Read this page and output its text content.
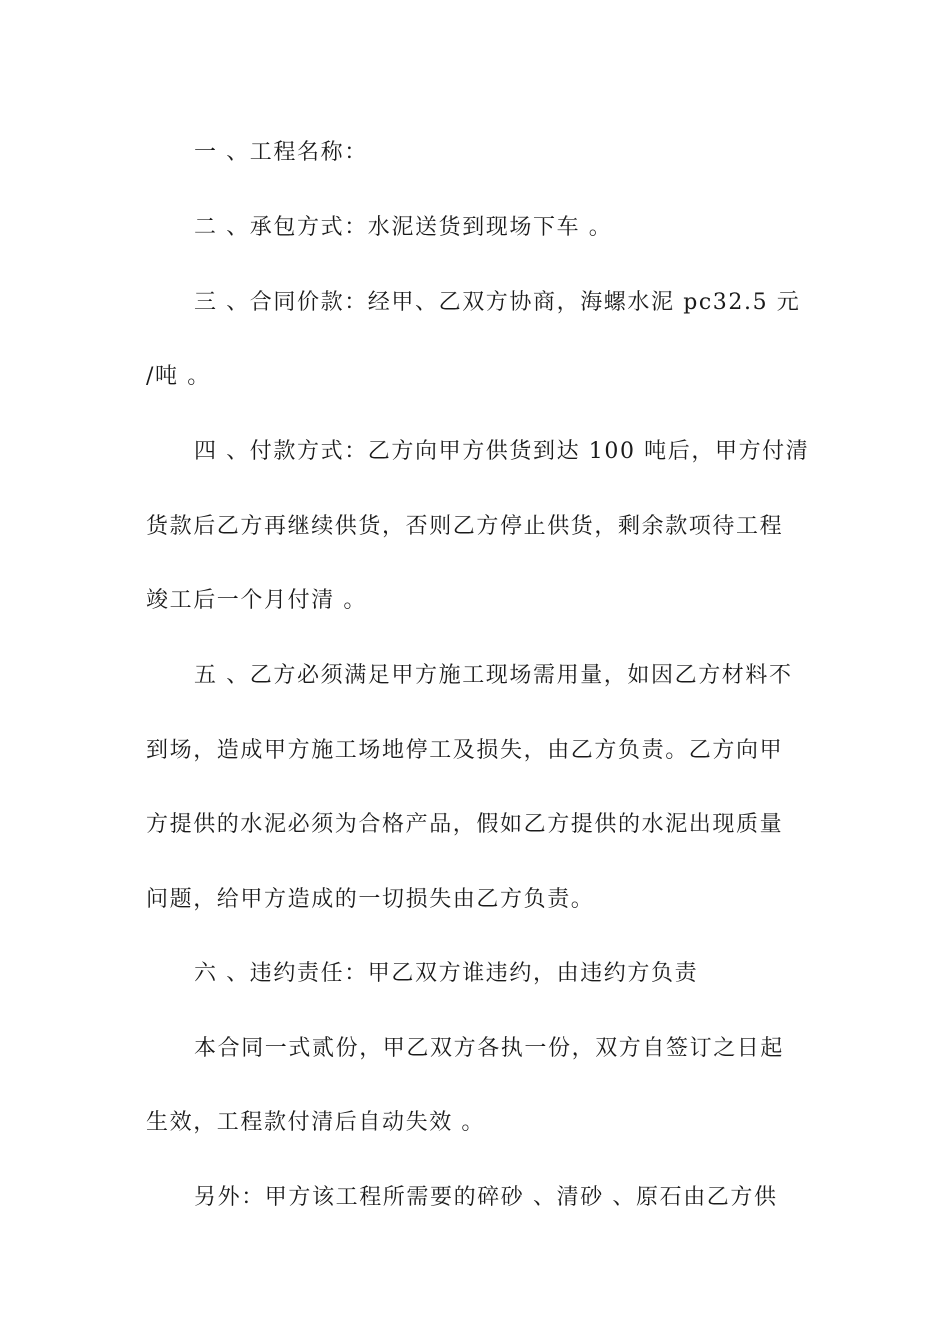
一 、工程名称：
二 、承包方式：水泥送货到现场下车 。
三 、合同价款：经甲、乙双方协商，海螺水泥 pc32.5 元
/吨 。
四 、付款方式：乙方向甲方供货到达 100 吨后，甲方付清
货款后乙方再继续供货，否则乙方停止供货，剩余款项待工程
竣工后一个月付清 。
五 、乙方必须满足甲方施工现场需用量，如因乙方材料不
到场，造成甲方施工场地停工及损失，由乙方负责。乙方向甲
方提供的水泥必须为合格产品，假如乙方提供的水泥出现质量
问题，给甲方造成的一切损失由乙方负责。
六 、违约责任：甲乙双方谁违约，由违约方负责
本合同一式贰份，甲乙双方各执一份，双方自签订之日起
生效，工程款付清后自动失效 。
另外：甲方该工程所需要的碎砂 、清砂 、原石由乙方供
